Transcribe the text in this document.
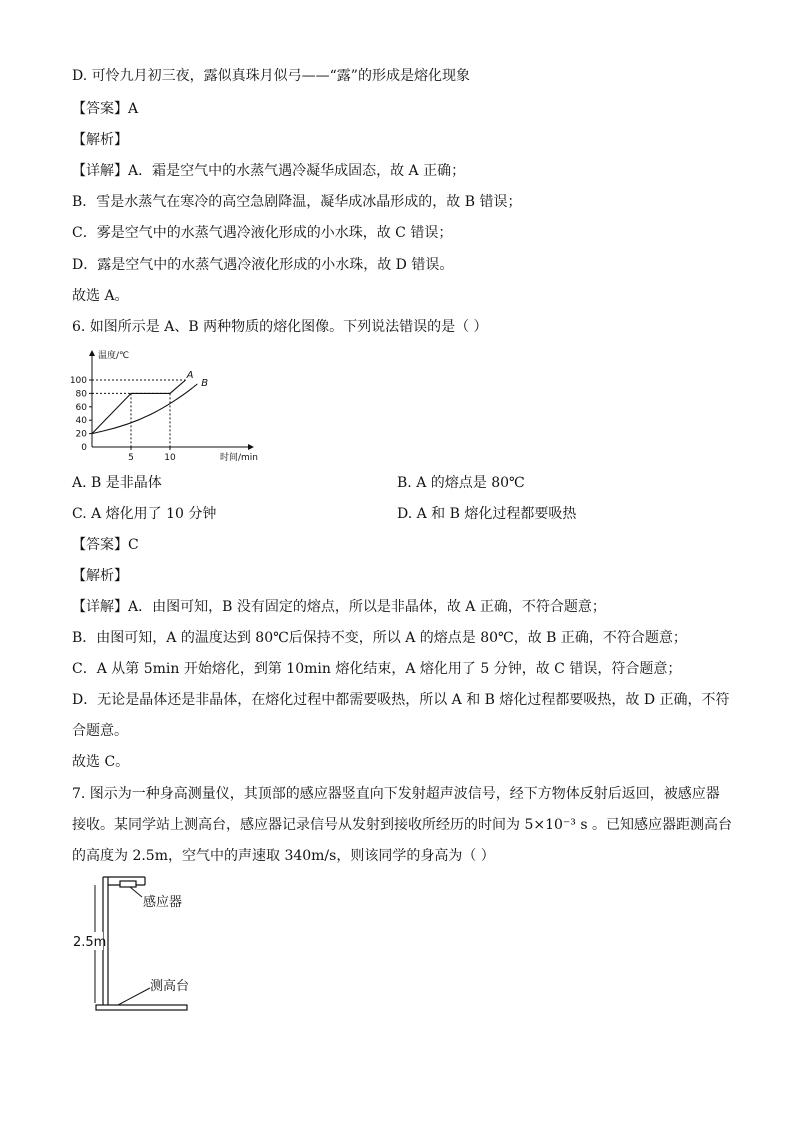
D. 可怜九月初三夜，露似真珠月似弓——“露”的形成是熔化现象
【答案】A
【解析】
【详解】A．霜是空气中的水蒸气遇冷凝华成固态，故 A 正确；
B．雪是水蒸气在寒冷的高空急剧降温，凝华成冰晶形成的，故 B 错误；
C．雾是空气中的水蒸气遇冷液化形成的小水珠，故 C 错误；
D．露是空气中的水蒸气遇冷液化形成的小水珠，故 D 错误。
故选 A。
6. 如图所示是 A、B 两种物质的熔化图像。下列说法错误的是（ ）
温度/℃
时间/min
0
20
40
60
80
100
5	10
A
B
A. B 是非晶体	B. A 的熔点是 80℃
C. A 熔化用了 10 分钟	D. A 和 B 熔化过程都要吸热
【答案】C
【解析】
【详解】A．由图可知，B 没有固定的熔点，所以是非晶体，故 A 正确，不符合题意；
B．由图可知，A 的温度达到 80℃后保持不变，所以 A 的熔点是 80℃，故 B 正确，不符合题意；
C．A 从第 5min 开始熔化，到第 10min 熔化结束，A 熔化用了 5 分钟，故 C 错误，符合题意；
D．无论是晶体还是非晶体，在熔化过程中都需要吸热，所以 A 和 B 熔化过程都要吸热，故 D 正确，不符
合题意。
故选 C。
7. 图示为一种身高测量仪，其顶部的感应器竖直向下发射超声波信号，经下方物体反射后返回，被感应器
接收。某同学站上测高台，感应器记录信号从发射到接收所经历的时间为 5×10⁻³ s 。已知感应器距测高台
的高度为 2.5m，空气中的声速取 340m/s，则该同学的身高为（ ）
感应器
2.5m
测高台
